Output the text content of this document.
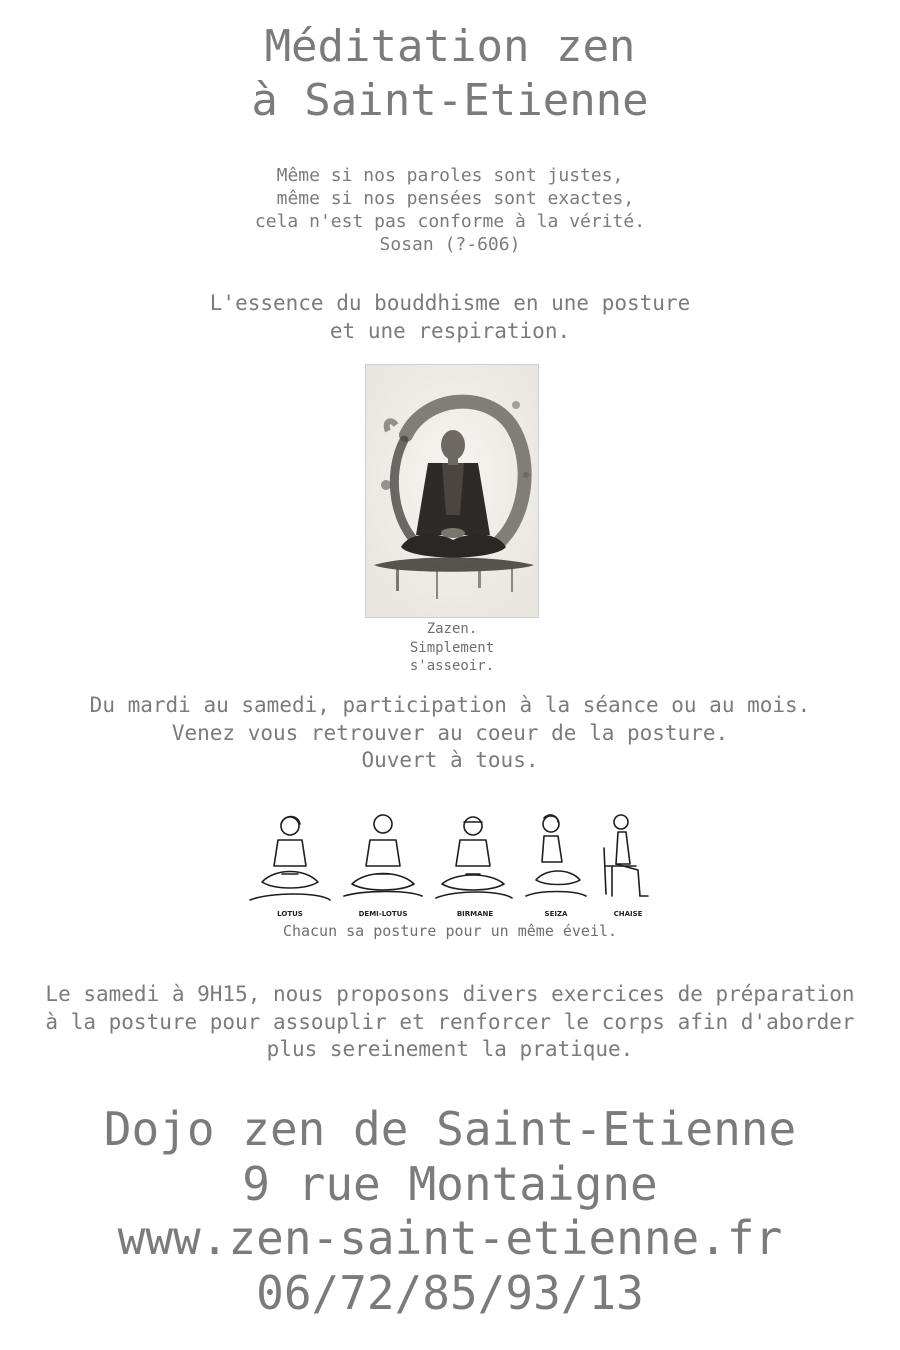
Méditation zen
à Saint-Etienne
Même si nos paroles sont justes,
même si nos pensées sont exactes,
cela n'est pas conforme à la vérité.
Sosan (?-606)
L'essence du bouddhisme en une posture
et une respiration.
Zazen.
Simplement
s'asseoir.
Du mardi au samedi, participation à la séance ou au mois.
Venez vous retrouver au coeur de la posture.
Ouvert à tous.
LOTUS	DEMI-LOTUS	BIRMANE	SEIZA	CHAISE
Chacun sa posture pour un même éveil.
Le samedi à 9H15, nous proposons divers exercices de préparation
à la posture pour assouplir et renforcer le corps afin d'aborder
plus sereinement la pratique.
Dojo zen de Saint-Etienne
9 rue Montaigne
www.zen-saint-etienne.fr
06/72/85/93/13
